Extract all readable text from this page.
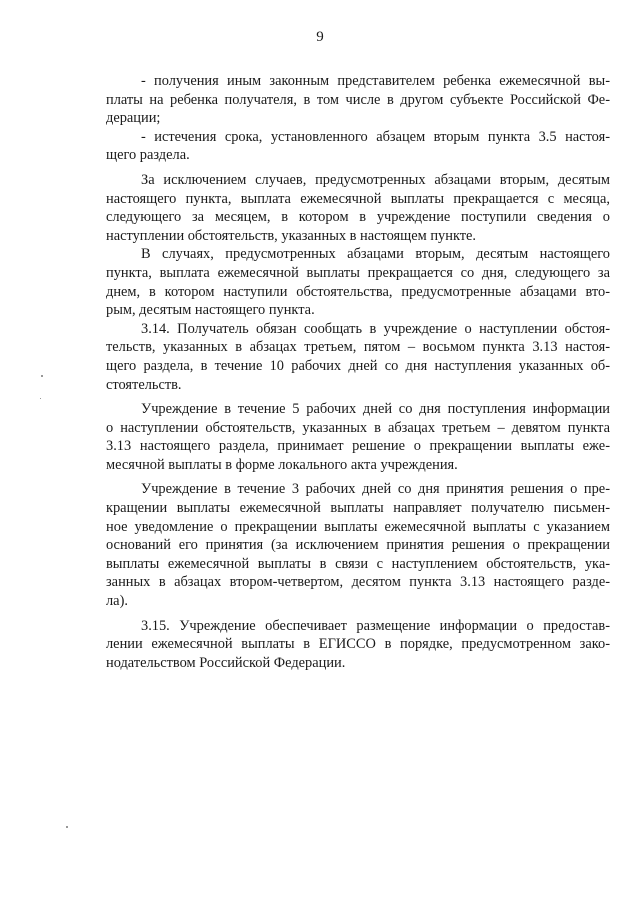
9
- получения иным законным представителем ребенка ежемесячной вы-
платы на ребенка получателя, в том числе в другом субъекте Российской Фе-
дерации;
- истечения срока, установленного абзацем вторым пункта 3.5 настоя-
щего раздела.
За исключением случаев, предусмотренных абзацами вторым, десятым
настоящего пункта, выплата ежемесячной выплаты прекращается с месяца,
следующего за месяцем, в котором в учреждение поступили сведения о
наступлении обстоятельств, указанных в настоящем пункте.
В случаях, предусмотренных абзацами вторым, десятым настоящего
пункта, выплата ежемесячной выплаты прекращается со дня, следующего за
днем, в котором наступили обстоятельства, предусмотренные абзацами вто-
рым, десятым настоящего пункта.
3.14. Получатель обязан сообщать в учреждение о наступлении обстоя-
тельств, указанных в абзацах третьем, пятом – восьмом пункта 3.13 настоя-
щего раздела, в течение 10 рабочих дней со дня наступления указанных об-
стоятельств.
Учреждение в течение 5 рабочих дней со дня поступления информации
о наступлении обстоятельств, указанных в абзацах третьем – девятом пункта
3.13 настоящего раздела, принимает решение о прекращении выплаты еже-
месячной выплаты в форме локального акта учреждения.
Учреждение в течение 3 рабочих дней со дня принятия решения о пре-
кращении выплаты ежемесячной выплаты направляет получателю письмен-
ное уведомление о прекращении выплаты ежемесячной выплаты с указанием
оснований его принятия (за исключением принятия решения о прекращении
выплаты ежемесячной выплаты в связи с наступлением обстоятельств, ука-
занных в абзацах втором-четвертом, десятом пункта 3.13 настоящего разде-
ла).
3.15. Учреждение обеспечивает размещение информации о предостав-
лении ежемесячной выплаты в ЕГИССО в порядке, предусмотренном зако-
нодательством Российской Федерации.
